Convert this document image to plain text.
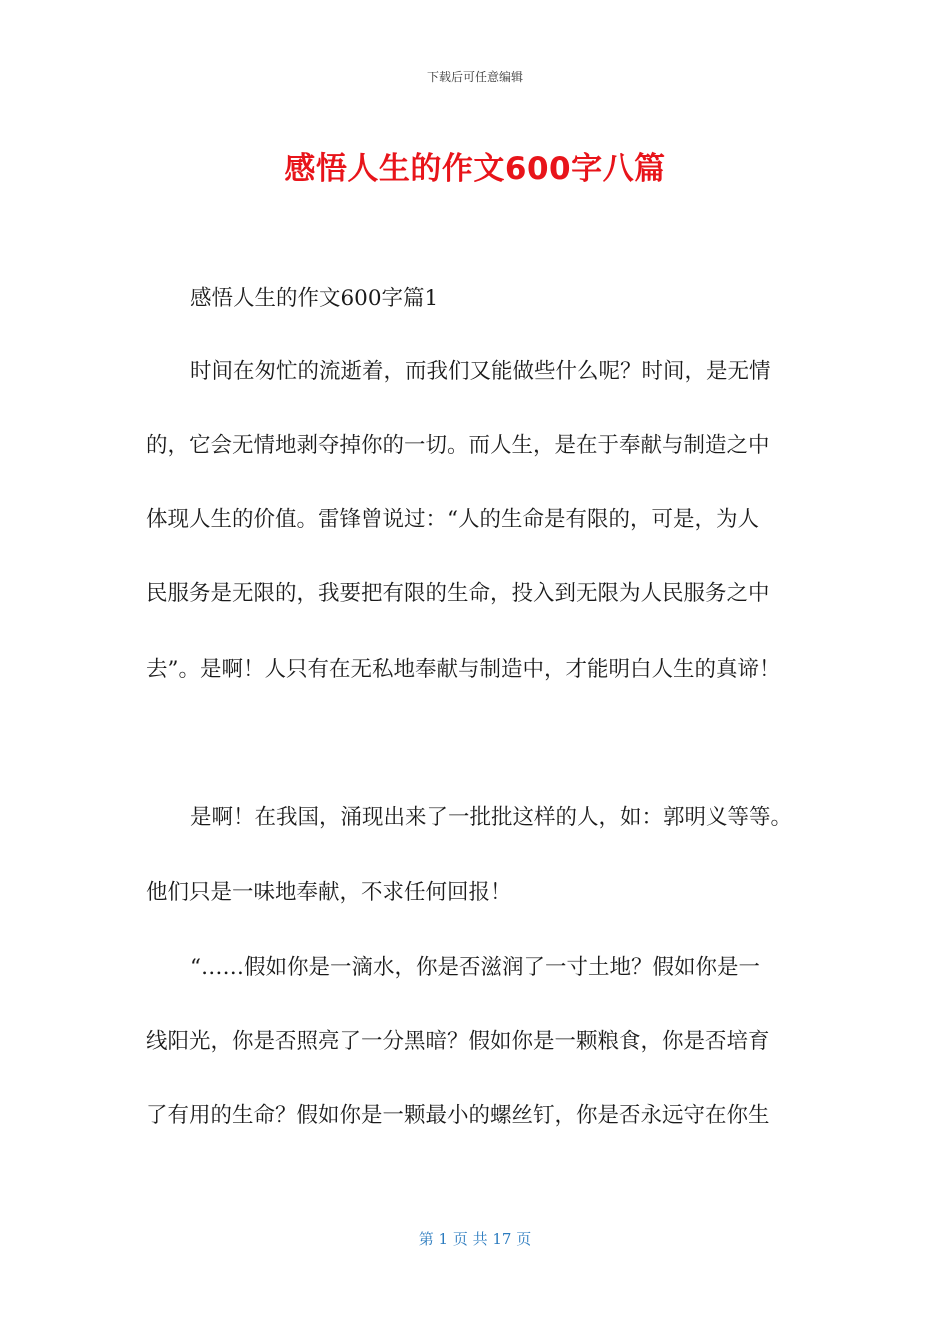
下载后可任意编辑
感悟人生的作文600字八篇
感悟人生的作文600字篇1
时间在匆忙的流逝着，而我们又能做些什么呢？时间，是无情
的，它会无情地剥夺掉你的一切。而人生，是在于奉献与制造之中
体现人生的价值。雷锋曾说过：“人的生命是有限的，可是，为人
民服务是无限的，我要把有限的生命，投入到无限为人民服务之中
去”。是啊！人只有在无私地奉献与制造中，才能明白人生的真谛！
是啊！在我国，涌现出来了一批批这样的人，如：郭明义等等。
他们只是一味地奉献，不求任何回报！
“……假如你是一滴水，你是否滋润了一寸土地？假如你是一
线阳光，你是否照亮了一分黑暗？假如你是一颗粮食，你是否培育
了有用的生命？假如你是一颗最小的螺丝钉，你是否永远守在你生
第 1 页 共 17 页
